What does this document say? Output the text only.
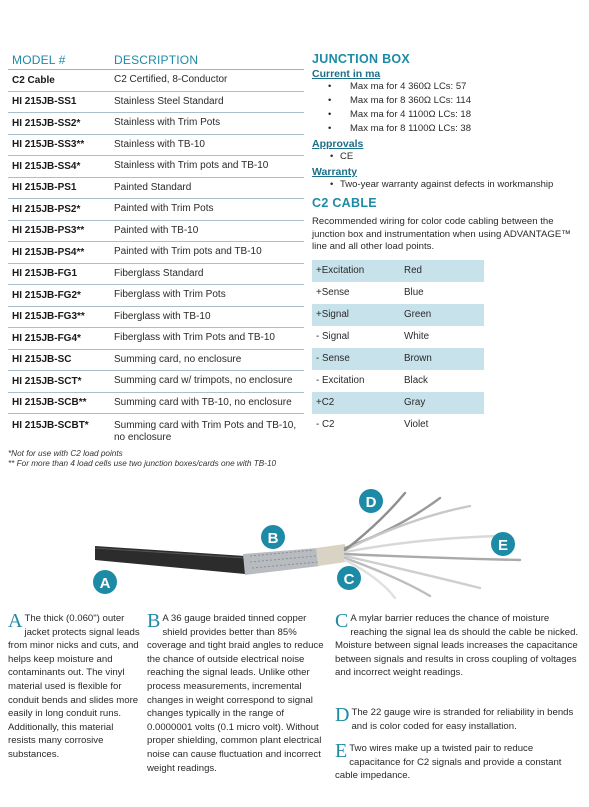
MODEL #	DESCRIPTION
C2 Cable	C2 Certified, 8-Conductor
HI 215JB-SS1	Stainless Steel Standard
HI 215JB-SS2*	Stainless with Trim Pots
HI 215JB-SS3**	Stainless with TB-10
HI 215JB-SS4*	Stainless with Trim pots and TB-10
HI 215JB-PS1	Painted Standard
HI 215JB-PS2*	Painted with Trim Pots
HI 215JB-PS3**	Painted with TB-10
HI 215JB-PS4**	Painted with Trim pots and TB-10
HI 215JB-FG1	Fiberglass Standard
HI 215JB-FG2*	Fiberglass with Trim Pots
HI 215JB-FG3**	Fiberglass with TB-10
HI 215JB-FG4*	Fiberglass with Trim Pots and TB-10
HI 215JB-SC	Summing card, no enclosure
HI 215JB-SCT*	Summing card w/ trimpots, no enclosure
HI 215JB-SCB**	Summing card with TB-10, no enclosure
HI 215JB-SCBT*	Summing card with Trim Pots and TB-10, no enclosure
*Not for use with C2 load points
** For more than 4 load cells use two junction boxes/cards one with TB-10
JUNCTION BOX
Current in ma
• Max ma for 4 360Ω LCs: 57
• Max ma for 8 360Ω LCs: 114
• Max ma for 4 1100Ω LCs: 18
• Max ma for 8 1100Ω LCs: 38
Approvals
• CE
Warranty
• Two-year warranty against defects in workmanship
C2 CABLE
Recommended wiring for color code cabling between the junction box and instrumentation when using ADVANTAGE™ line and all other load points.
+Excitation	Red
+Sense	Blue
+Signal	Green
- Signal	White
- Sense	Brown
- Excitation	Black
+C2	Gray
- C2	Violet
A
B
C
D
E
A The thick (0.060") outer jacket protects signal leads from minor nicks and cuts, and helps keep moisture and contaminants out. The vinyl material used is flexible for conduit bends and slides more easily in long conduit runs. Additionally, this material resists many corrosive substances.
B A 36 gauge braided tinned copper shield provides better than 85% coverage and tight braid angles to reduce the chance of outside electrical noise reaching the signal leads. Unlike other process measurements, incremental changes in weight correspond to signal changes typically in the range of 0.0000001 volts (0.1 micro volt). Without proper shielding, common plant electrical noise can cause fluctuation and incorrect weight readings.
C A mylar barrier reduces the chance of moisture reaching the signal lea ds should the cable be nicked. Moisture between signal leads increases the capacitance between signals and results in cross coupling of voltages and incorrect weight readings.
D The 22 gauge wire is stranded for reliability in bends and is color coded for easy installation.
E Two wires make up a twisted pair to reduce capacitance for C2 signals and provide a constant cable impedance.
